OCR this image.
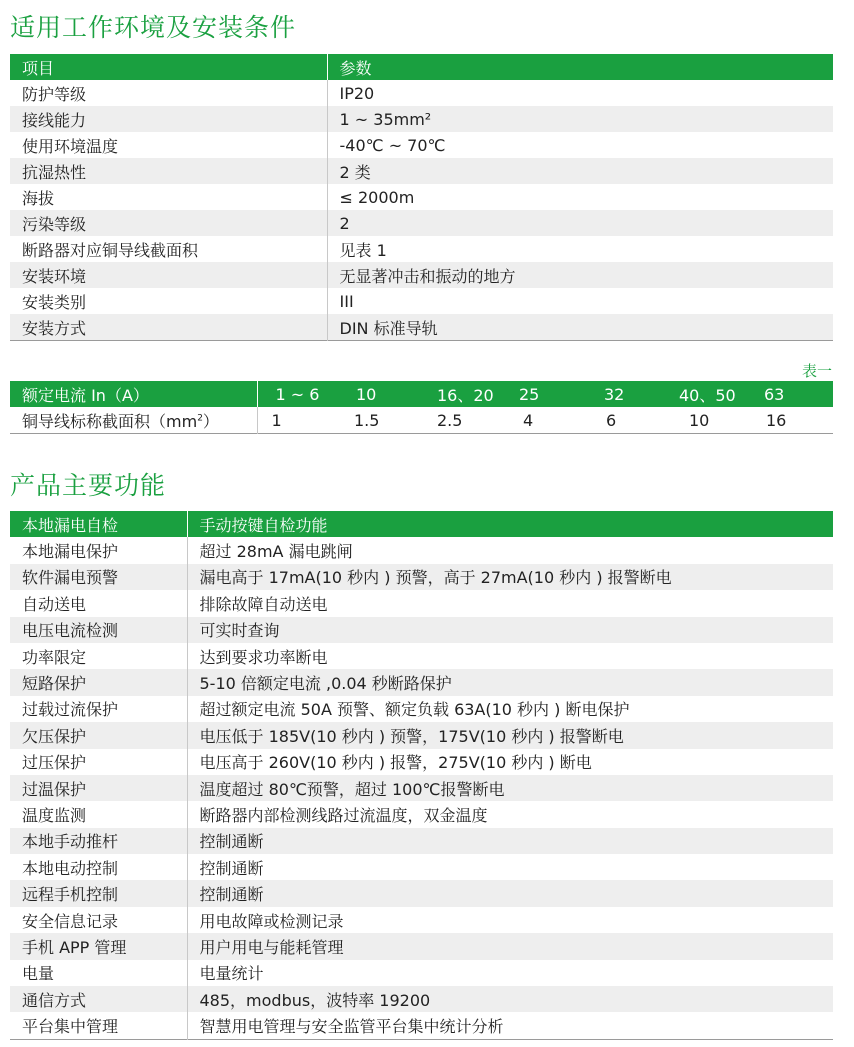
适用工作环境及安装条件
项目	参数
防护等级	IP20
接线能力	1 ~ 35mm²
使用环境温度	-40℃ ~ 70℃
抗湿热性	2 类
海拔	≤ 2000m
污染等级	2
断路器对应铜导线截面积	见表 1
安装环境	无显著冲击和振动的地方
安装类别	III
安装方式	DIN 标准导轨
表一
额定电流 In（A）	1 ~ 6	10	16、20	25	32	40、50	63
铜导线标称截面积$(mm^2)$	1	1.5	2.5	4	6	10	16
产品主要功能
本地漏电自检	手动按键自检功能
本地漏电保护	超过 28mA 漏电跳闸
软件漏电预警	漏电高于 17mA(10 秒内 ) 预警，高于 27mA(10 秒内 ) 报警断电
自动送电	排除故障自动送电
电压电流检测	可实时查询
功率限定	达到要求功率断电
短路保护	5-10 倍额定电流 ,0.04 秒断路保护
过载过流保护	超过额定电流 50A 预警、额定负载 63A(10 秒内 ) 断电保护
欠压保护	电压低于 185V(10 秒内 ) 预警，175V(10 秒内 ) 报警断电
过压保护	电压高于 260V(10 秒内 ) 报警，275V(10 秒内 ) 断电
过温保护	温度超过 80℃预警，超过 100℃报警断电
温度监测	断路器内部检测线路过流温度，双金温度
本地手动推杆	控制通断
本地电动控制	控制通断
远程手机控制	控制通断
安全信息记录	用电故障或检测记录
手机 APP 管理	用户用电与能耗管理
电量	电量统计
通信方式	485，modbus，波特率 19200
平台集中管理	智慧用电管理与安全监管平台集中统计分析
